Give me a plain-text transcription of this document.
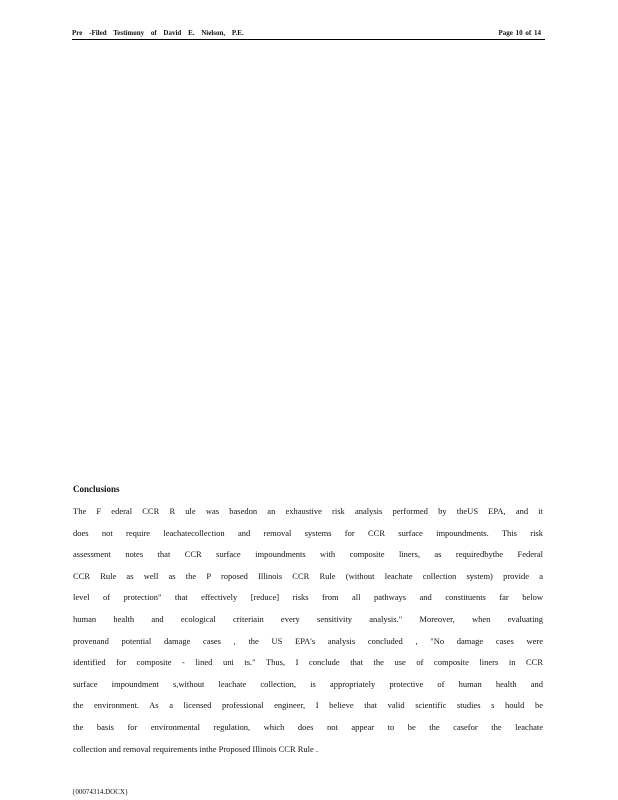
Pre -Filed Testimony of David E. Nielson, P.E.	Page 10 of 14
Conclusions
The F ederal CCR R ule was basedon an exhaustive risk analysis performed by theUS EPA, and it
does not require leachatecollection and removal systems for CCR surface impoundments. This risk
assessment notes that CCR surface impoundments with composite liners, as requiredbythe Federal
CCR Rule as well as the P roposed Illinois CCR Rule (without leachate collection system) provide a
level of protection" that effectively [reduce] risks from all pathways and constituents far below
human health and ecological criteriain every sensitivity analysis." Moreover, when evaluating
provenand potential damage cases , the US EPA's analysis concluded , "No damage cases were
identified for composite - lined uni ts." Thus, I conclude that the use of composite liners in CCR
surface impoundment s,without leachate collection, is appropriately protective of human health and
the environment. As a licensed professional engineer, I believe that valid scientific studies s hould be
the basis for environmental regulation, which does not appear to be the casefor the leachate
collection and removal requirements inthe Proposed Illinois CCR Rule .
{00074314.DOCX}
